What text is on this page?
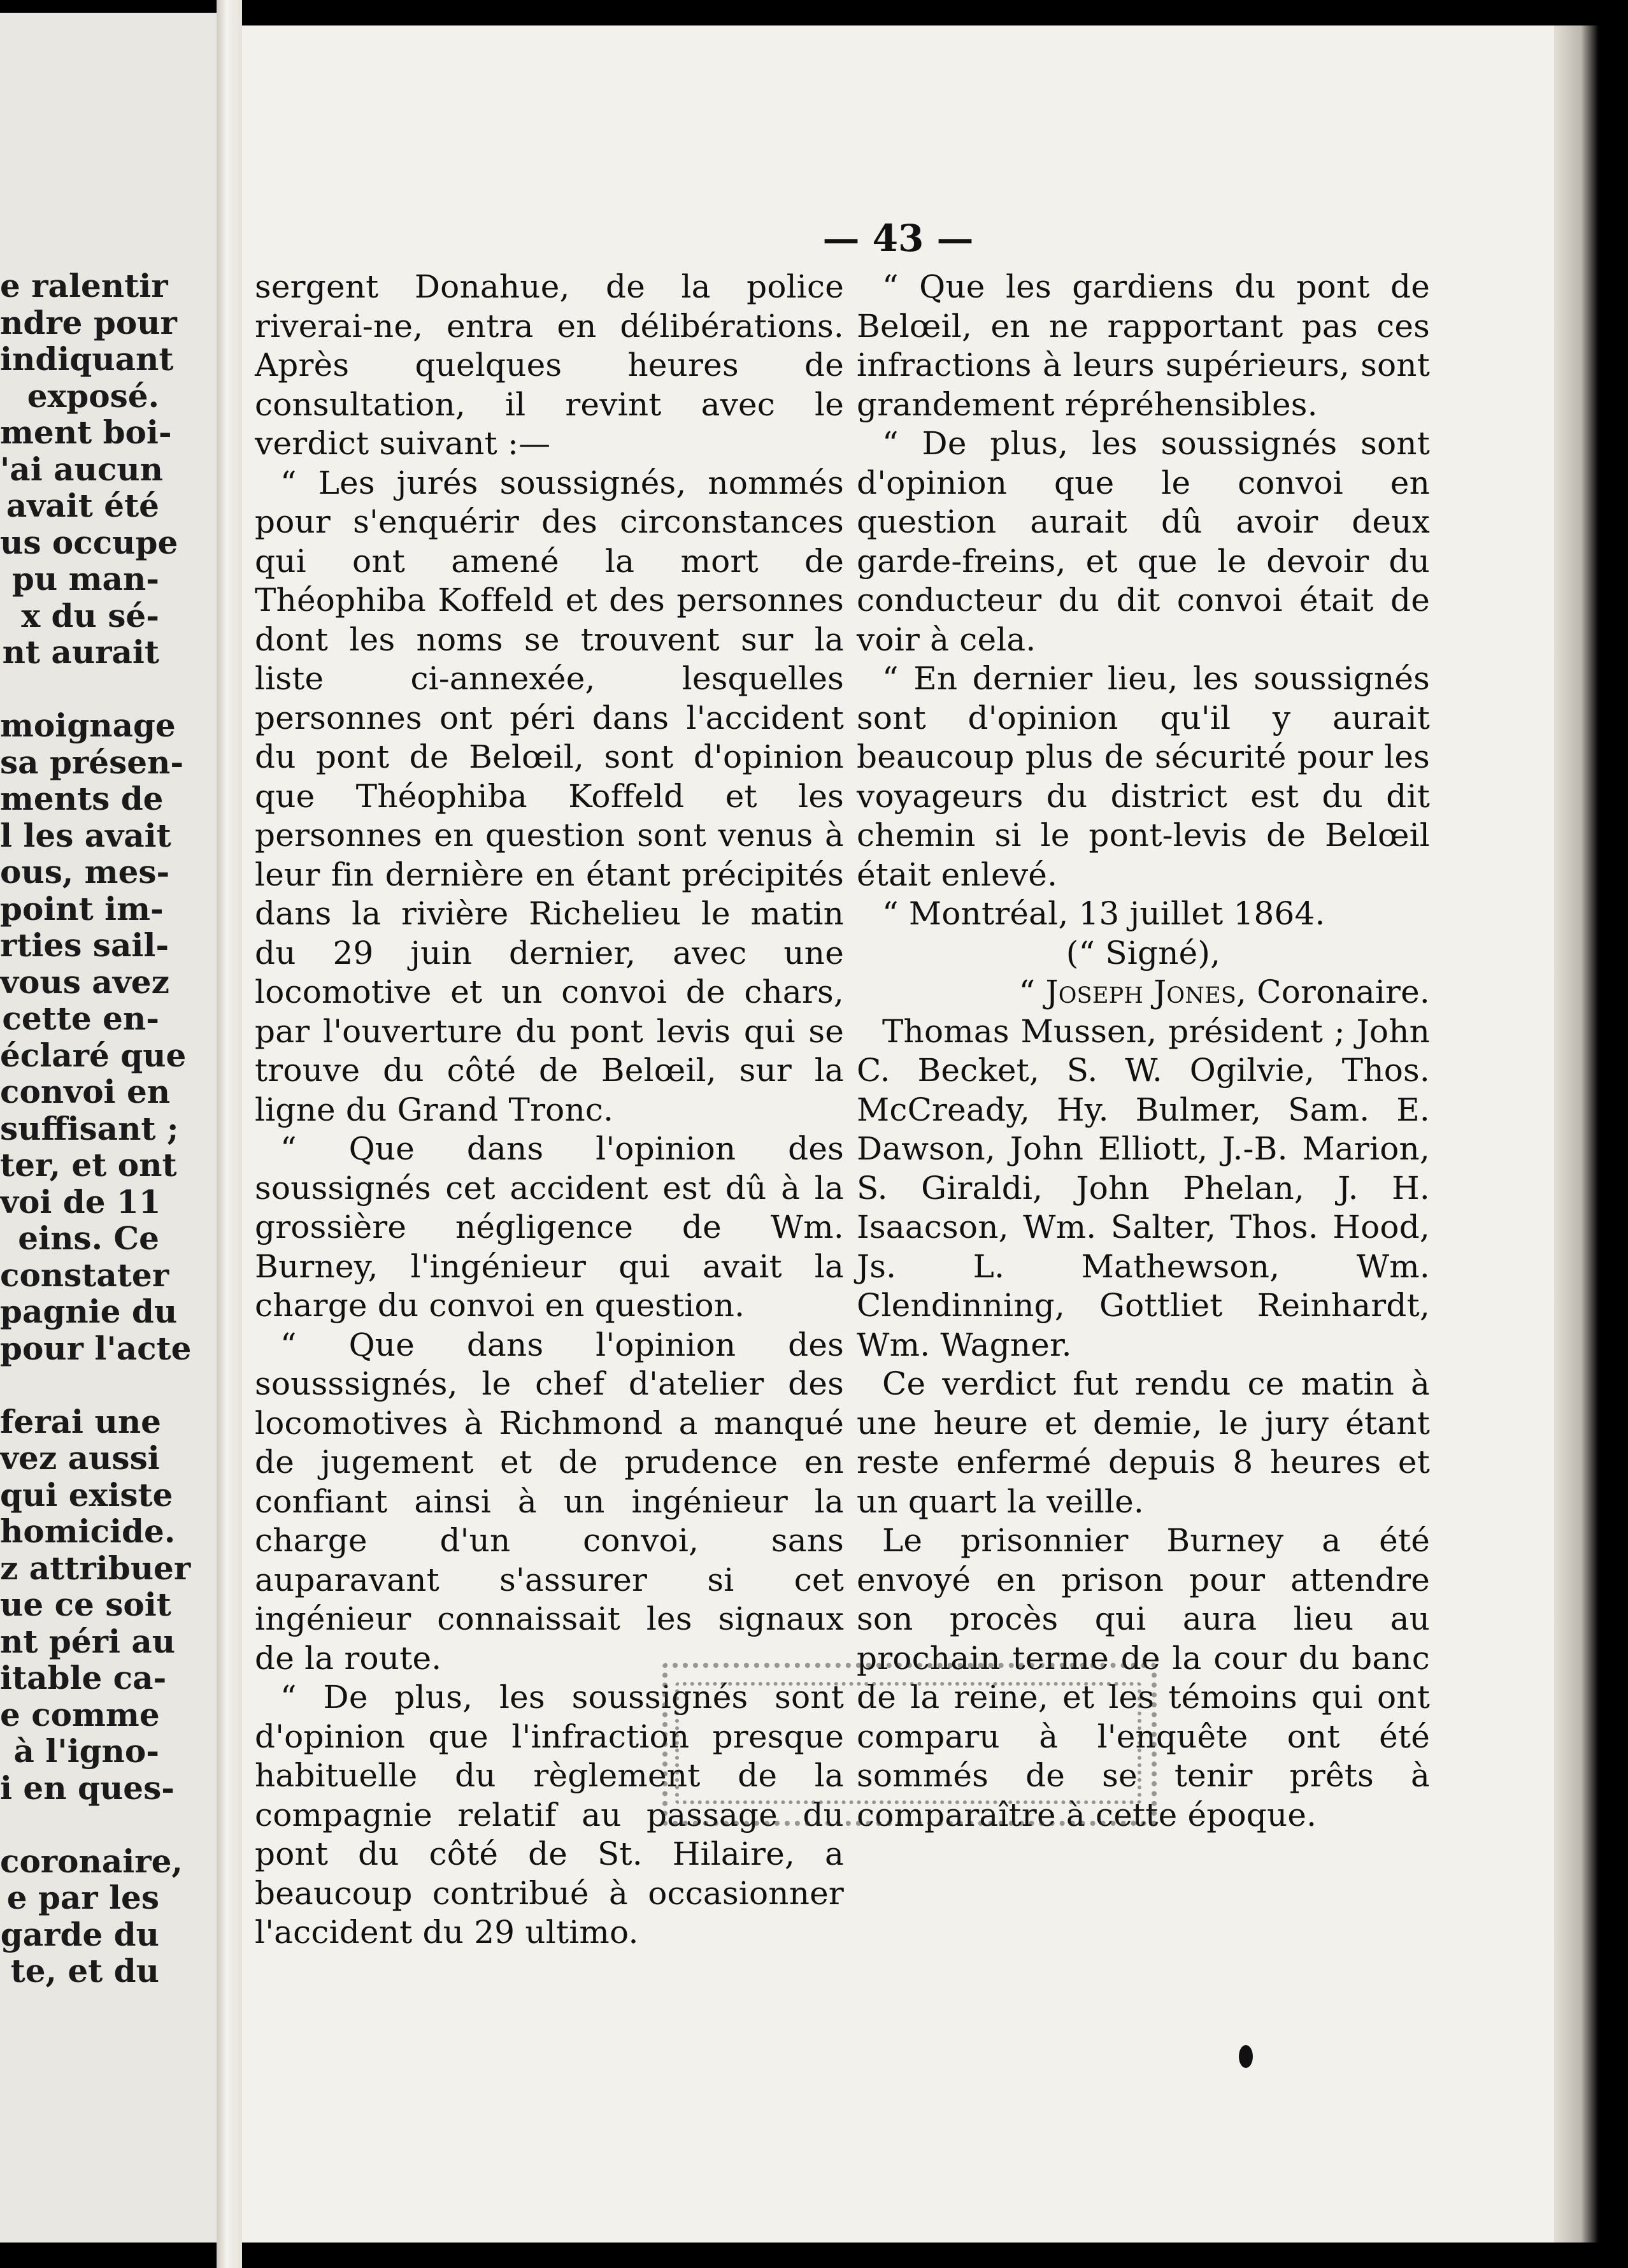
e ralentir
ndre pour
indiquant
exposé.
ment boi-
'ai aucun
avait été
us occupe
pu man-
x du sé-
nt aurait

moignage
sa présen-
ments de
l les avait
ous, mes-
point im-
rties sail-
vous avez
cette en-
éclaré que
convoi en
suffisant ;
ter, et ont
voi de 11
eins. Ce
constater
pagnie du
pour l'acte

ferai une
vez aussi
qui existe
homicide.
z attribuer
ue ce soit
nt péri au
itable ca-
e comme
à l'igno-
i en ques-

coronaire,
e par les
garde du
te, et du
— 43 —

sergent Donahue, de la police riverai-ne, entra en délibérations. Après quelques heures de consultation, il revint avec le verdict suivant :—

“ Les jurés soussignés, nommés pour s'enquérir des circonstances qui ont amené la mort de Théophiba Koffeld et des personnes dont les noms se trouvent sur la liste ci-annexée, lesquelles personnes ont péri dans l'accident du pont de Belœil, sont d'opinion que Théophiba Koffeld et les personnes en question sont venus à leur fin dernière en étant précipités dans la rivière Richelieu le matin du 29 juin dernier, avec une locomotive et un convoi de chars, par l'ouverture du pont levis qui se trouve du côté de Belœil, sur la ligne du Grand Tronc.

“ Que dans l'opinion des soussignés cet accident est dû à la grossière négligence de Wm. Burney, l'ingénieur qui avait la charge du convoi en question.

“ Que dans l'opinion des sousssignés, le chef d'atelier des locomotives à Richmond a manqué de jugement et de prudence en confiant ainsi à un ingénieur la charge d'un convoi, sans auparavant s'assurer si cet ingénieur connaissait les signaux de la route.

“ De plus, les soussignés sont d'opinion que l'infraction presque habituelle du règlement de la compagnie relatif au passage du pont du côté de St. Hilaire, a beaucoup contribué à occasionner l'accident du 29 ultimo.

“ Que les gardiens du pont de Belœil, en ne rapportant pas ces infractions à leurs supérieurs, sont grandement répréhensibles.

“ De plus, les soussignés sont d'opinion que le convoi en question aurait dû avoir deux garde-freins, et que le devoir du conducteur du dit convoi était de voir à cela.

“ En dernier lieu, les soussignés sont d'opinion qu'il y aurait beaucoup plus de sécurité pour les voyageurs du district est du dit chemin si le pont-levis de Belœil était enlevé.

“ Montréal, 13 juillet 1864.

(“ Signé),

“ Joseph Jones, Coronaire.

Thomas Mussen, président ; John C. Becket, S. W. Ogilvie, Thos. McCready, Hy. Bulmer, Sam. E. Dawson, John Elliott, J.-B. Marion, S. Giraldi, John Phelan, J. H. Isaacson, Wm. Salter, Thos. Hood, Js. L. Mathewson, Wm. Clendinning, Gottliet Reinhardt, Wm. Wagner.

Ce verdict fut rendu ce matin à une heure et demie, le jury étant reste enfermé depuis 8 heures et un quart la veille.

Le prisonnier Burney a été envoyé en prison pour attendre son procès qui aura lieu au prochain terme de la cour du banc de la reine, et les témoins qui ont comparu à l'enquête ont été sommés de se tenir prêts à comparaître à cette époque.
